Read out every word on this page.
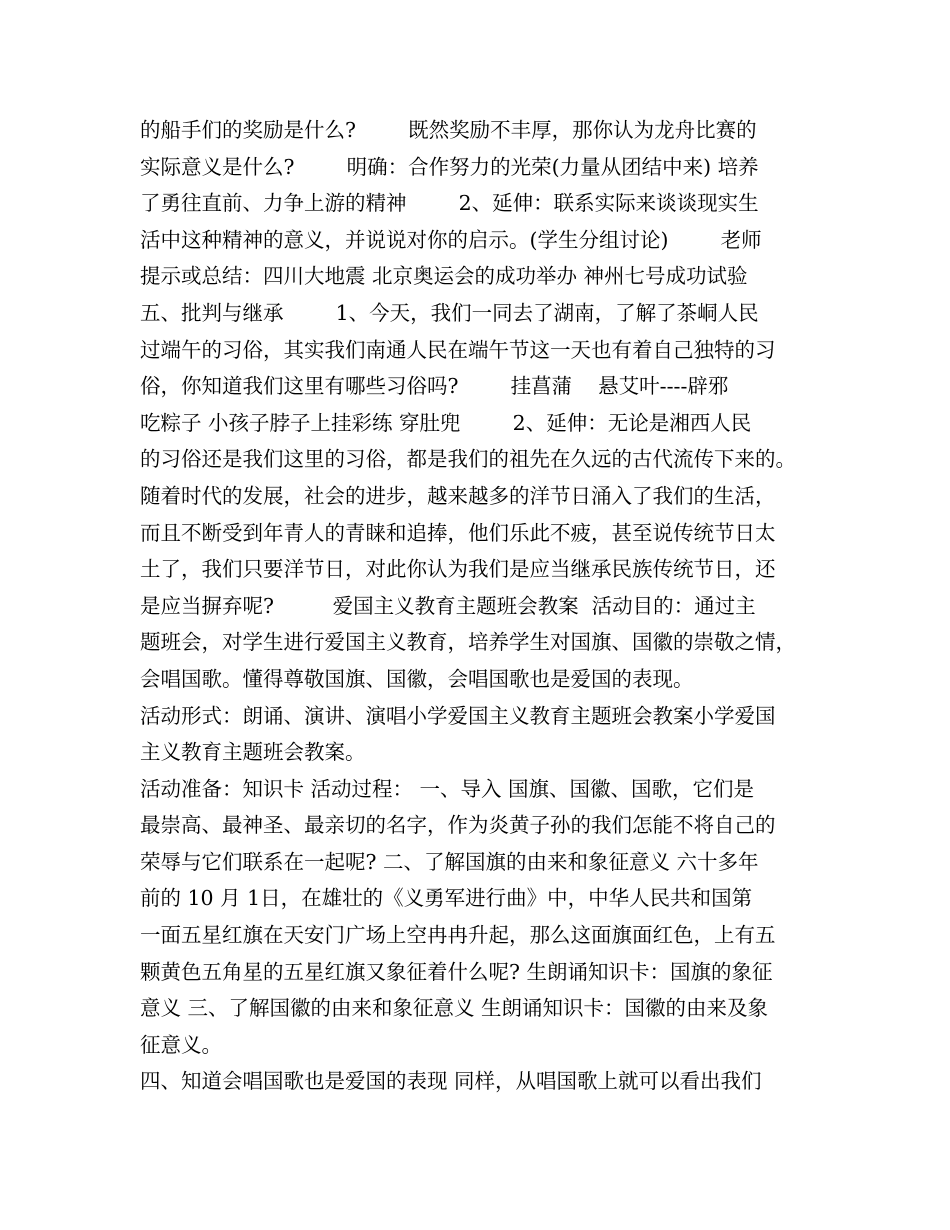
的船手们的奖励是什么?        既然奖励不丰厚，那你认为龙舟比赛的
实际意义是什么?        明确：合作努力的光荣(力量从团结中来) 培养
了勇往直前、力争上游的精神        2、延伸：联系实际来谈谈现实生
活中这种精神的意义，并说说对你的启示。(学生分组讨论)        老师
提示或总结：四川大地震 北京奥运会的成功举办 神州七号成功试验
五、批判与继承        1、今天，我们一同去了湖南，了解了茶峒人民
过端午的习俗，其实我们南通人民在端午节这一天也有着自己独特的习
俗，你知道我们这里有哪些习俗吗?        挂菖蒲    悬艾叶----辟邪
吃粽子 小孩子脖子上挂彩练 穿肚兜        2、延伸：无论是湘西人民
的习俗还是我们这里的习俗，都是我们的祖先在久远的古代流传下来的。
随着时代的发展，社会的进步，越来越多的洋节日涌入了我们的生活，
而且不断受到年青人的青睐和追捧，他们乐此不疲，甚至说传统节日太
土了，我们只要洋节日，对此你认为我们是应当继承民族传统节日，还
是应当摒弃呢?         爱国主义教育主题班会教案  活动目的：通过主
题班会，对学生进行爱国主义教育，培养学生对国旗、国徽的崇敬之情，
会唱国歌。懂得尊敬国旗、国徽，会唱国歌也是爱国的表现。
活动形式：朗诵、演讲、演唱小学爱国主义教育主题班会教案小学爱国
主义教育主题班会教案。
活动准备：知识卡 活动过程： 一、导入 国旗、国徽、国歌，它们是
最崇高、最神圣、最亲切的名字，作为炎黄子孙的我们怎能不将自己的
荣辱与它们联系在一起呢? 二、了解国旗的由来和象征意义 六十多年
前的 10 月 1日，在雄壮的《义勇军进行曲》中，中华人民共和国第
一面五星红旗在天安门广场上空冉冉升起，那么这面旗面红色，上有五
颗黄色五角星的五星红旗又象征着什么呢? 生朗诵知识卡：国旗的象征
意义 三、了解国徽的由来和象征意义 生朗诵知识卡：国徽的由来及象
征意义。
四、知道会唱国歌也是爱国的表现 同样，从唱国歌上就可以看出我们
